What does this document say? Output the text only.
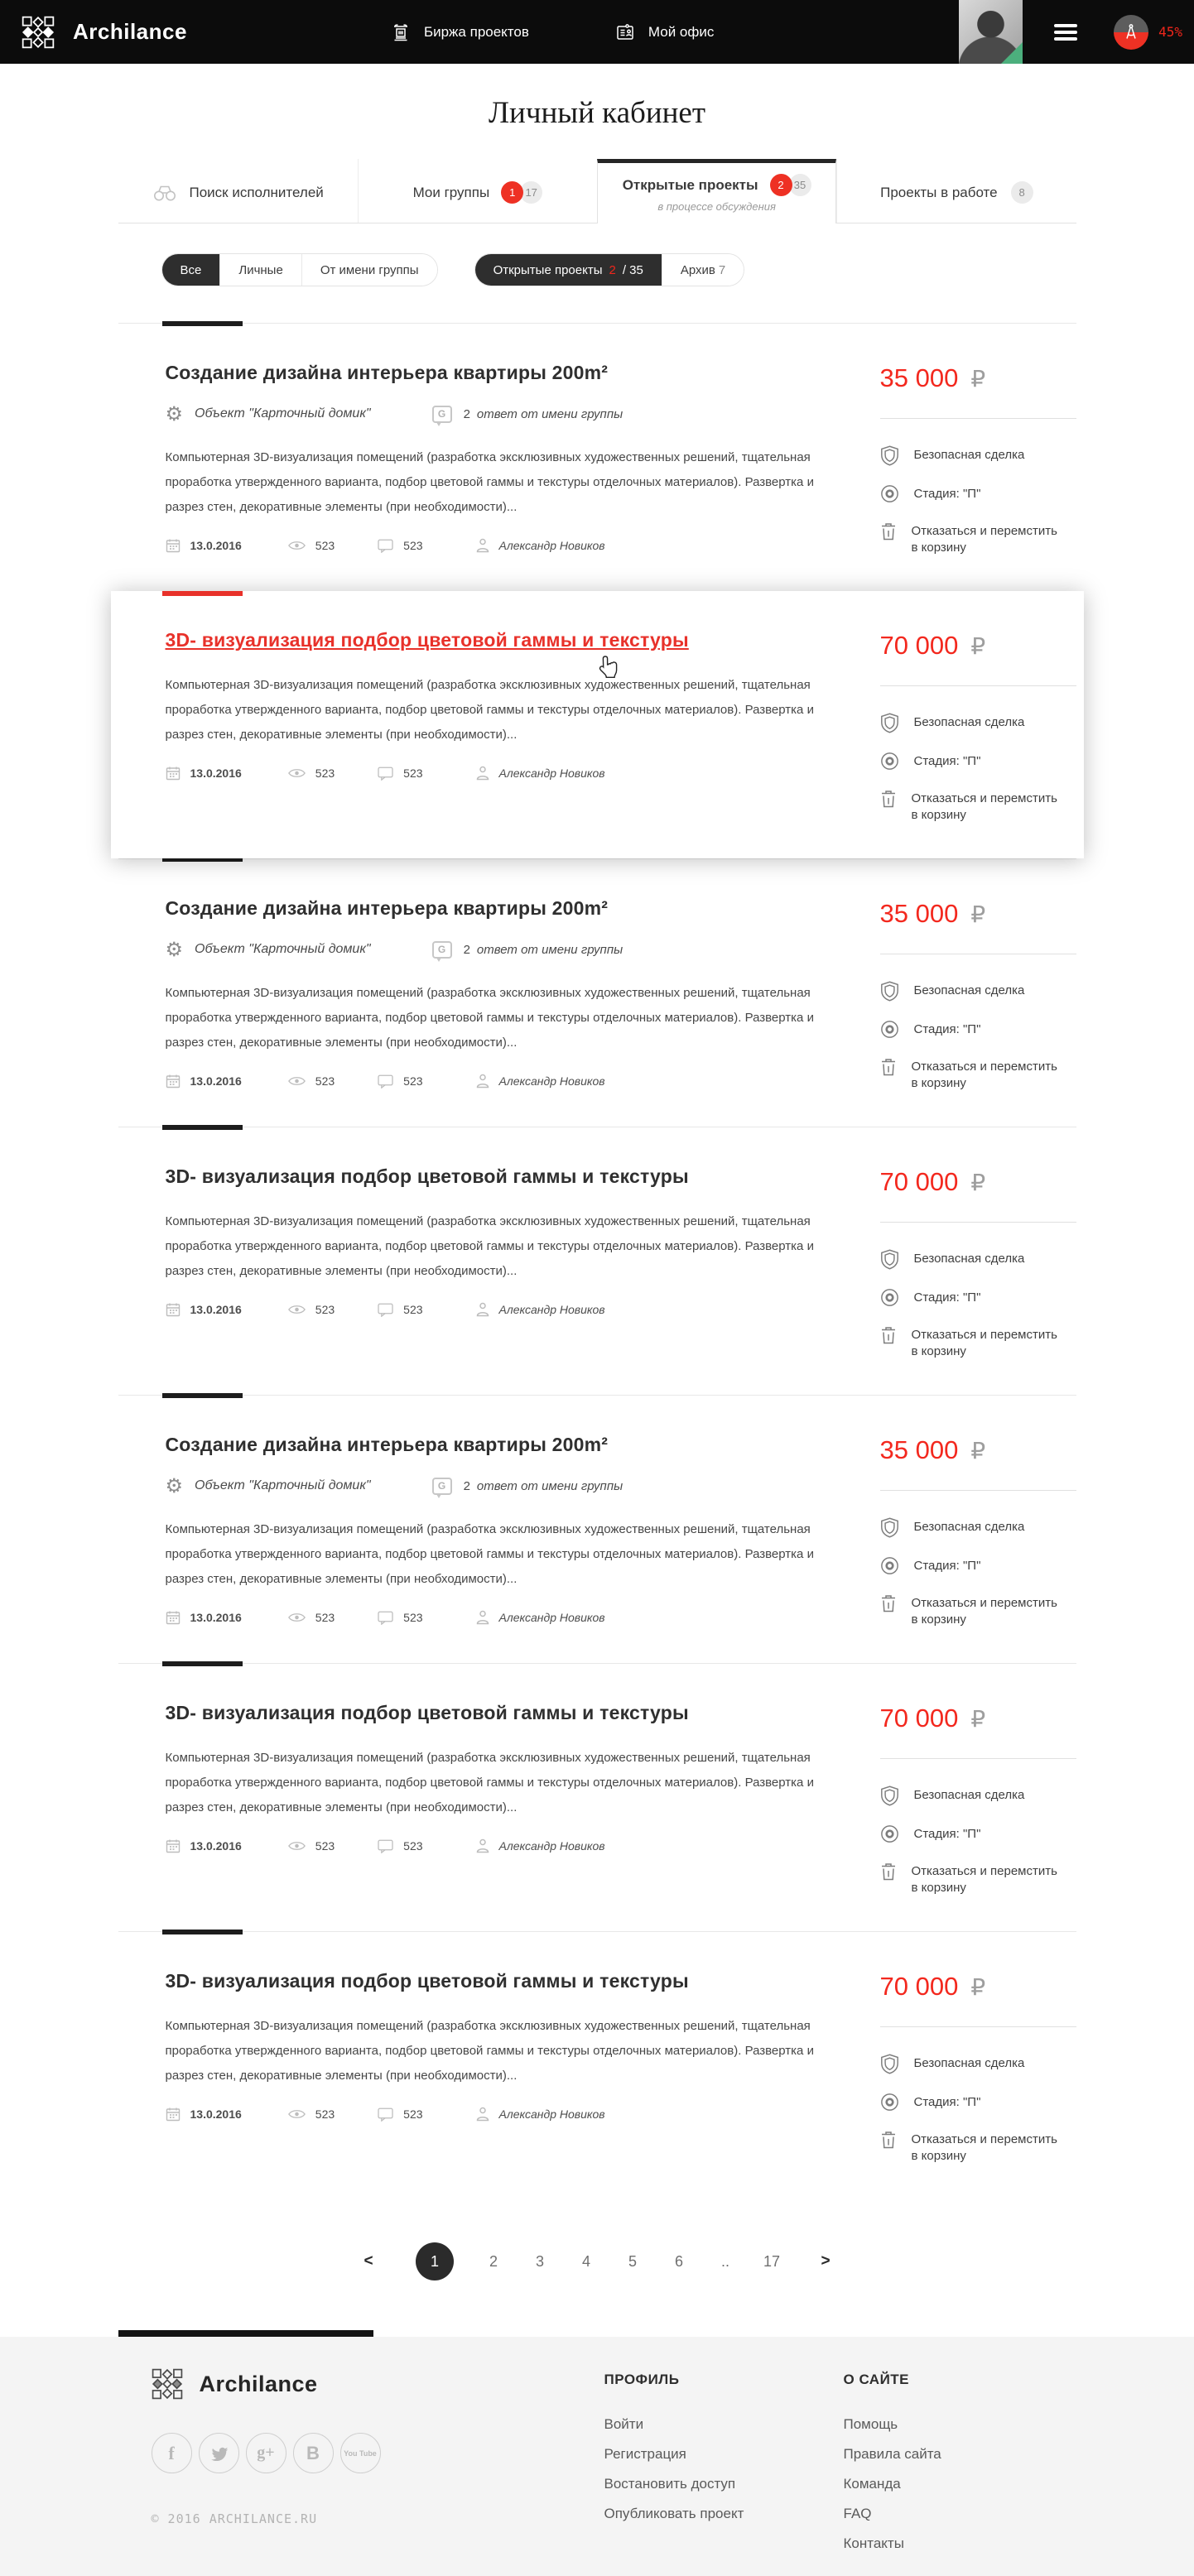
Archilance	Биржа проектов	Мой офис	45%
Личный кабинет
Поиск исполнителей	Мои группы	1 17	Открытые проекты	2 35
в процессе обсуждения
Проекты в работе	8
Все	Личные	От имени группы	Открытые проекты 2 / 35	Архив 7
Создание дизайна интерьера квартиры 200m²
⚙ Объект "Карточный домик"	G	2 ответ от имени группы

Компьютерная 3D-визуализация помещений (разработка эксклюзивных художественных решений, тщательная проработка утвержденного варианта, подбор цветовой гаммы и текстуры отделочных материалов). Развертка и разрез стен, декоративные элементы (при необходимости)...

13.0.2016	523	523	Александр Новиков
35 000 ₽
Безопасная сделка
Стадия: "П"
Отказаться и перемстить
в корзину
3D- визуализация подбор цветовой гаммы и текстуры

Компьютерная 3D-визуализация помещений (разработка эксклюзивных художественных решений, тщательная проработка утвержденного варианта, подбор цветовой гаммы и текстуры отделочных материалов). Развертка и разрез стен, декоративные элементы (при необходимости)...

13.0.2016	523	523	Александр Новиков
70 000 ₽
Безопасная сделка
Стадия: "П"
Отказаться и перемстить
в корзину
Создание дизайна интерьера квартиры 200m²
⚙ Объект "Карточный домик"	G	2 ответ от имени группы

Компьютерная 3D-визуализация помещений (разработка эксклюзивных художественных решений, тщательная проработка утвержденного варианта, подбор цветовой гаммы и текстуры отделочных материалов). Развертка и разрез стен, декоративные элементы (при необходимости)...

13.0.2016	523	523	Александр Новиков
35 000 ₽
Безопасная сделка
Стадия: "П"
Отказаться и перемстить
в корзину
3D- визуализация подбор цветовой гаммы и текстуры

Компьютерная 3D-визуализация помещений (разработка эксклюзивных художественных решений, тщательная проработка утвержденного варианта, подбор цветовой гаммы и текстуры отделочных материалов). Развертка и разрез стен, декоративные элементы (при необходимости)...

13.0.2016	523	523	Александр Новиков
70 000 ₽
Безопасная сделка
Стадия: "П"
Отказаться и перемстить
в корзину
Создание дизайна интерьера квартиры 200m²
⚙ Объект "Карточный домик"	G	2 ответ от имени группы

Компьютерная 3D-визуализация помещений (разработка эксклюзивных художественных решений, тщательная проработка утвержденного варианта, подбор цветовой гаммы и текстуры отделочных материалов). Развертка и разрез стен, декоративные элементы (при необходимости)...

13.0.2016	523	523	Александр Новиков
35 000 ₽
Безопасная сделка
Стадия: "П"
Отказаться и перемстить
в корзину
3D- визуализация подбор цветовой гаммы и текстуры

Компьютерная 3D-визуализация помещений (разработка эксклюзивных художественных решений, тщательная проработка утвержденного варианта, подбор цветовой гаммы и текстуры отделочных материалов). Развертка и разрез стен, декоративные элементы (при необходимости)...

13.0.2016	523	523	Александр Новиков
70 000 ₽
Безопасная сделка
Стадия: "П"
Отказаться и перемстить
в корзину
3D- визуализация подбор цветовой гаммы и текстуры

Компьютерная 3D-визуализация помещений (разработка эксклюзивных художественных решений, тщательная проработка утвержденного варианта, подбор цветовой гаммы и текстуры отделочных материалов). Развертка и разрез стен, декоративные элементы (при необходимости)...

13.0.2016	523	523	Александр Новиков
70 000 ₽
Безопасная сделка
Стадия: "П"
Отказаться и перемстить
в корзину
<	1	2	3	4	5	6	..	17	>
Archilance
f	g+ B	You Tube
© 2016 ARCHILANCE.RU
ПРОФИЛЬ
Войти
Регистрация
Востановить доступ
Опубликовать проект
О САЙТЕ
Помощь
Правила сайта
Команда
FAQ
Контакты
